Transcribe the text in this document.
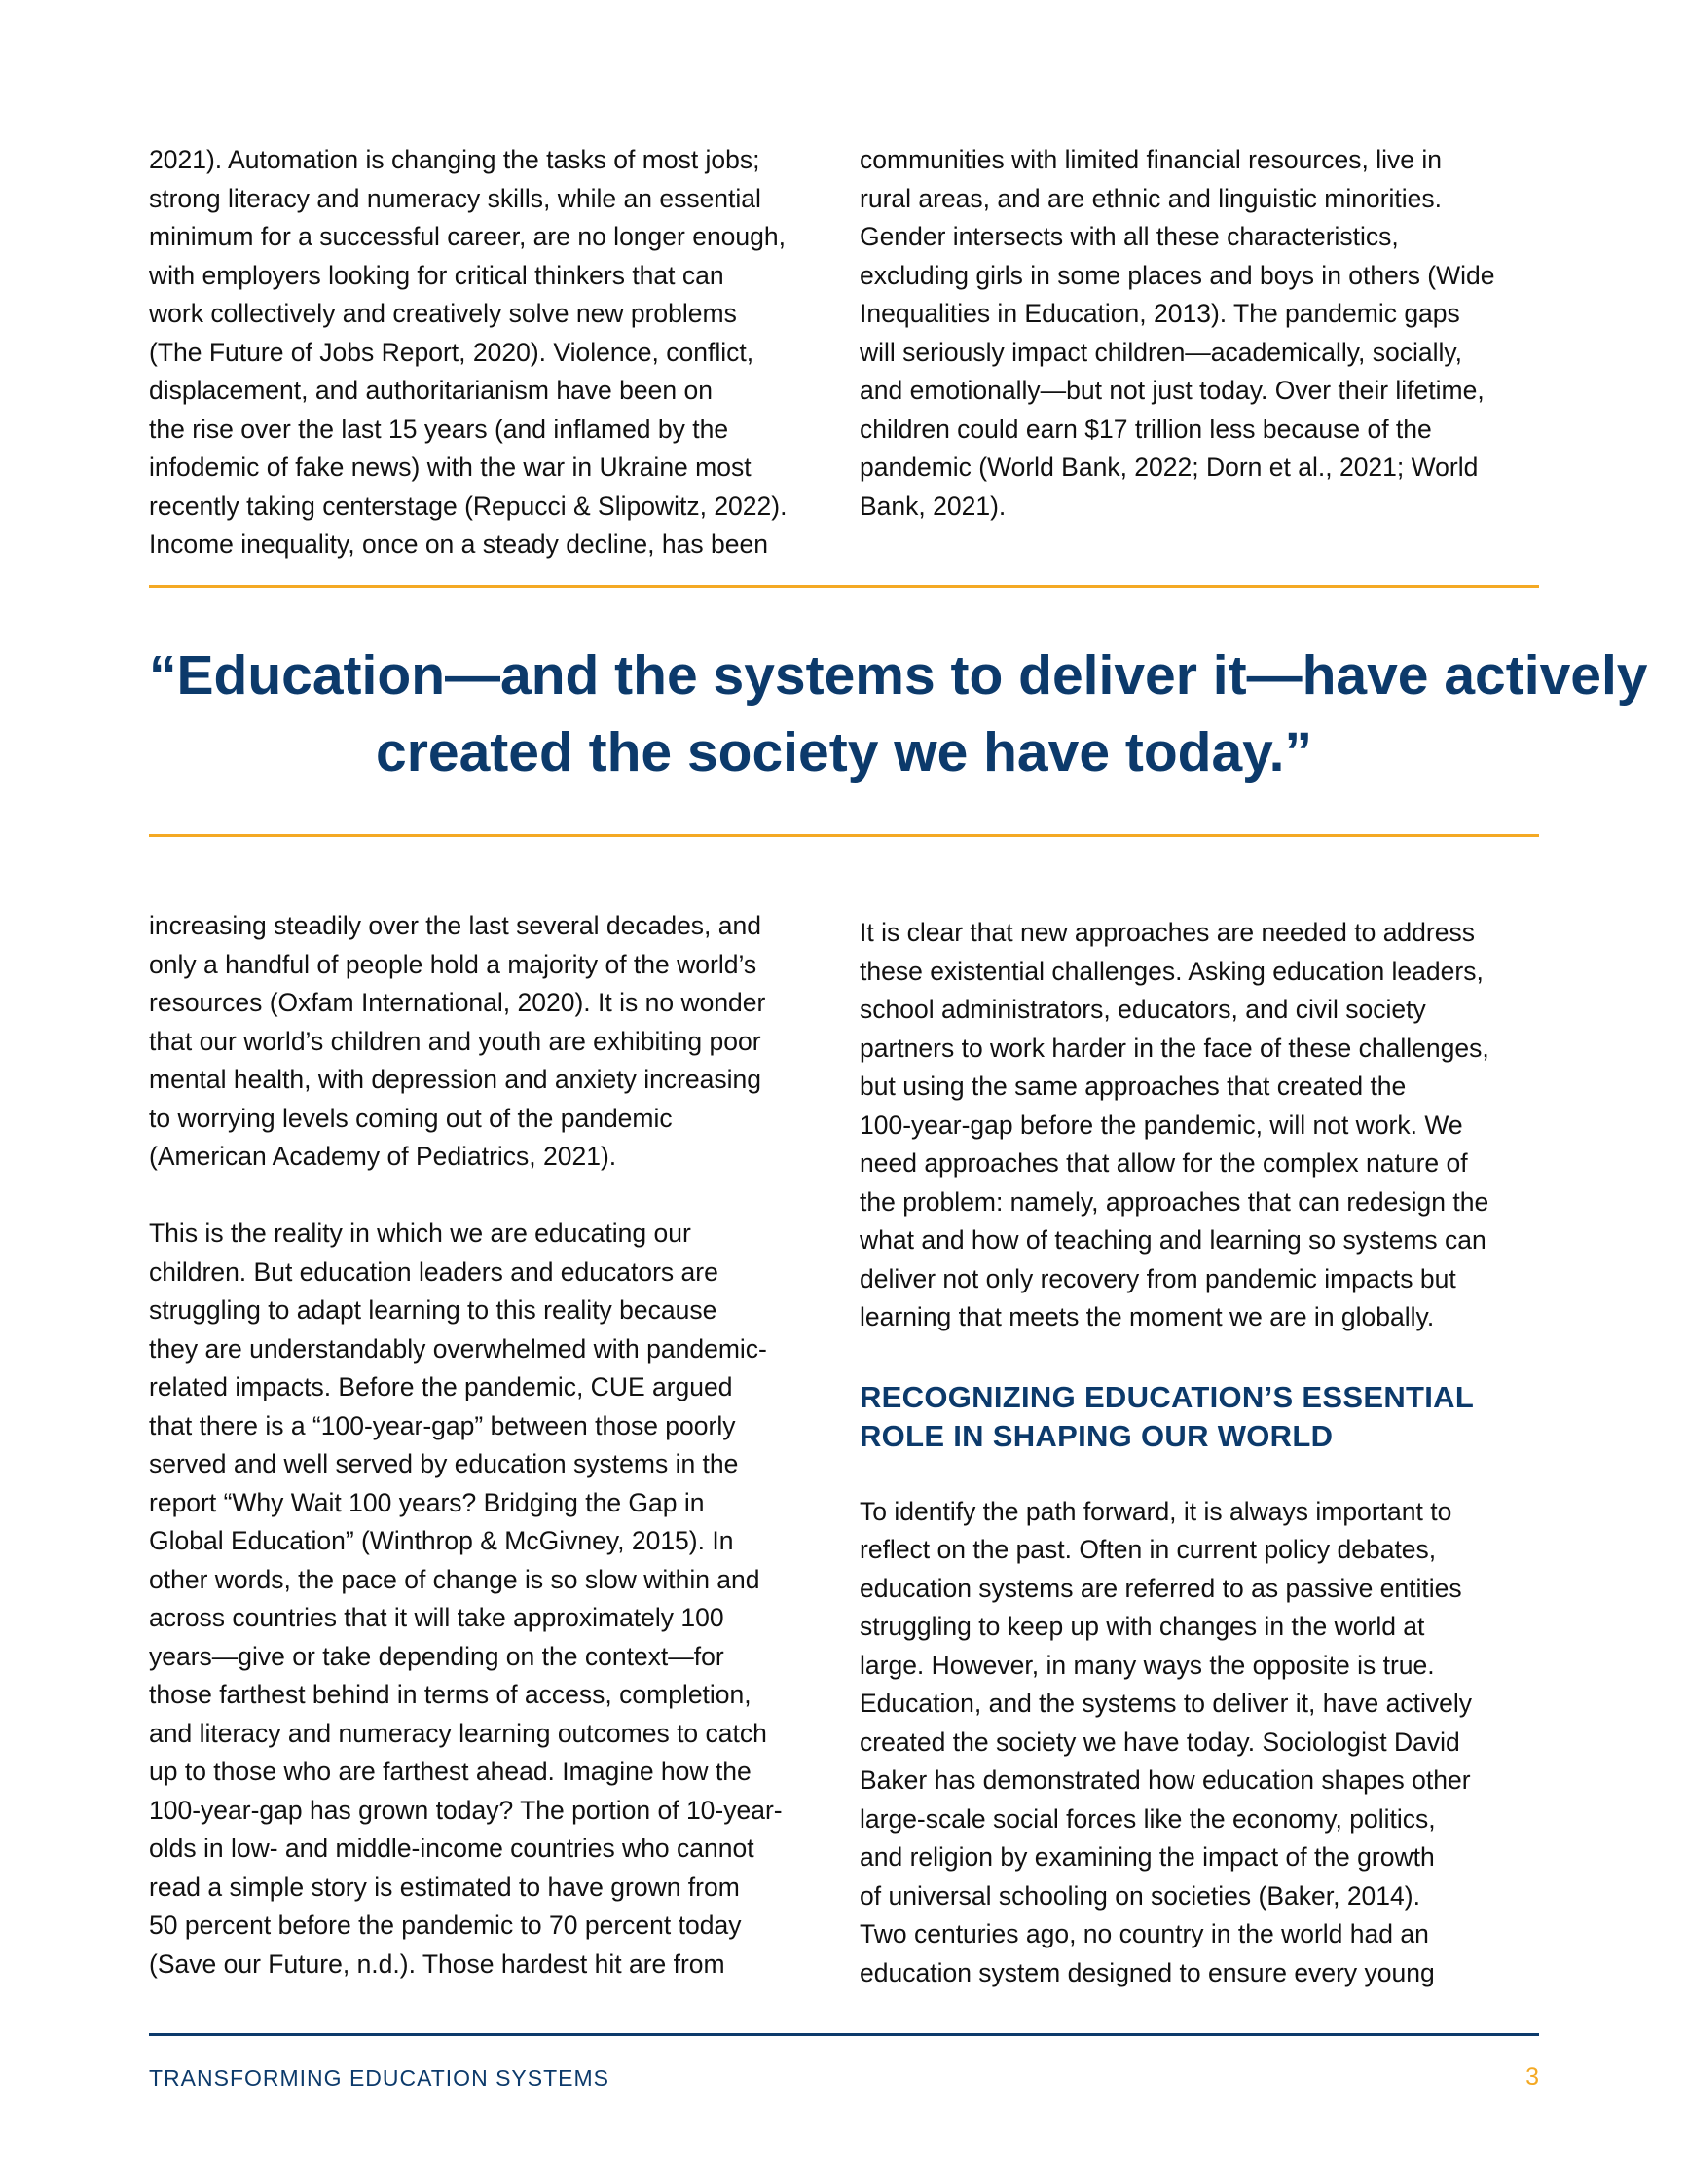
2021). Automation is changing the tasks of most jobs;

strong literacy and numeracy skills, while an essential

minimum for a successful career, are no longer enough,

with employers looking for critical thinkers that can

work collectively and creatively solve new problems

(The Future of Jobs Report, 2020). Violence, conflict,

displacement, and authoritarianism have been on

the rise over the last 15 years (and inflamed by the

infodemic of fake news) with the war in Ukraine most

recently taking centerstage (Repucci & Slipowitz, 2022).

Income inequality, once on a steady decline, has been

communities with limited financial resources, live in

rural areas, and are ethnic and linguistic minorities.

Gender intersects with all these characteristics,

excluding girls in some places and boys in others (Wide

Inequalities in Education, 2013). The pandemic gaps

will seriously impact children—academically, socially,

and emotionally—but not just today. Over their lifetime,

children could earn $17 trillion less because of the

pandemic (World Bank, 2022; Dorn et al., 2021; World

Bank, 2021).

“Education—and the systems to deliver it—have actively
created the society we have today.”

increasing steadily over the last several decades, and

only a handful of people hold a majority of the world’s

resources (Oxfam International, 2020). It is no wonder

that our world’s children and youth are exhibiting poor

mental health, with depression and anxiety increasing

to worrying levels coming out of the pandemic

(American Academy of Pediatrics, 2021).

This is the reality in which we are educating our

children. But education leaders and educators are

struggling to adapt learning to this reality because

they are understandably overwhelmed with pandemic-

related impacts. Before the pandemic, CUE argued

that there is a “100-year-gap” between those poorly

served and well served by education systems in the

report “Why Wait 100 years? Bridging the Gap in

Global Education” (Winthrop & McGivney, 2015). In

other words, the pace of change is so slow within and

across countries that it will take approximately 100

years—give or take depending on the context—for

those farthest behind in terms of access, completion,

and literacy and numeracy learning outcomes to catch

up to those who are farthest ahead. Imagine how the

100-year-gap has grown today? The portion of 10-year-

olds in low- and middle-income countries who cannot

read a simple story is estimated to have grown from

50 percent before the pandemic to 70 percent today

(Save our Future, n.d.). Those hardest hit are from

It is clear that new approaches are needed to address

these existential challenges. Asking education leaders,

school administrators, educators, and civil society

partners to work harder in the face of these challenges,

but using the same approaches that created the

100-year-gap before the pandemic, will not work. We

need approaches that allow for the complex nature of

the problem: namely, approaches that can redesign the

what and how of teaching and learning so systems can

deliver not only recovery from pandemic impacts but

learning that meets the moment we are in globally.

RECOGNIZING EDUCATION’S ESSENTIAL
ROLE IN SHAPING OUR WORLD

To identify the path forward, it is always important to

reflect on the past. Often in current policy debates,

education systems are referred to as passive entities

struggling to keep up with changes in the world at

large. However, in many ways the opposite is true.

Education, and the systems to deliver it, have actively

created the society we have today. Sociologist David

Baker has demonstrated how education shapes other

large-scale social forces like the economy, politics,

and religion by examining the impact of the growth

of universal schooling on societies (Baker, 2014).

Two centuries ago, no country in the world had an

education system designed to ensure every young

TRANSFORMING EDUCATION SYSTEMS	3
